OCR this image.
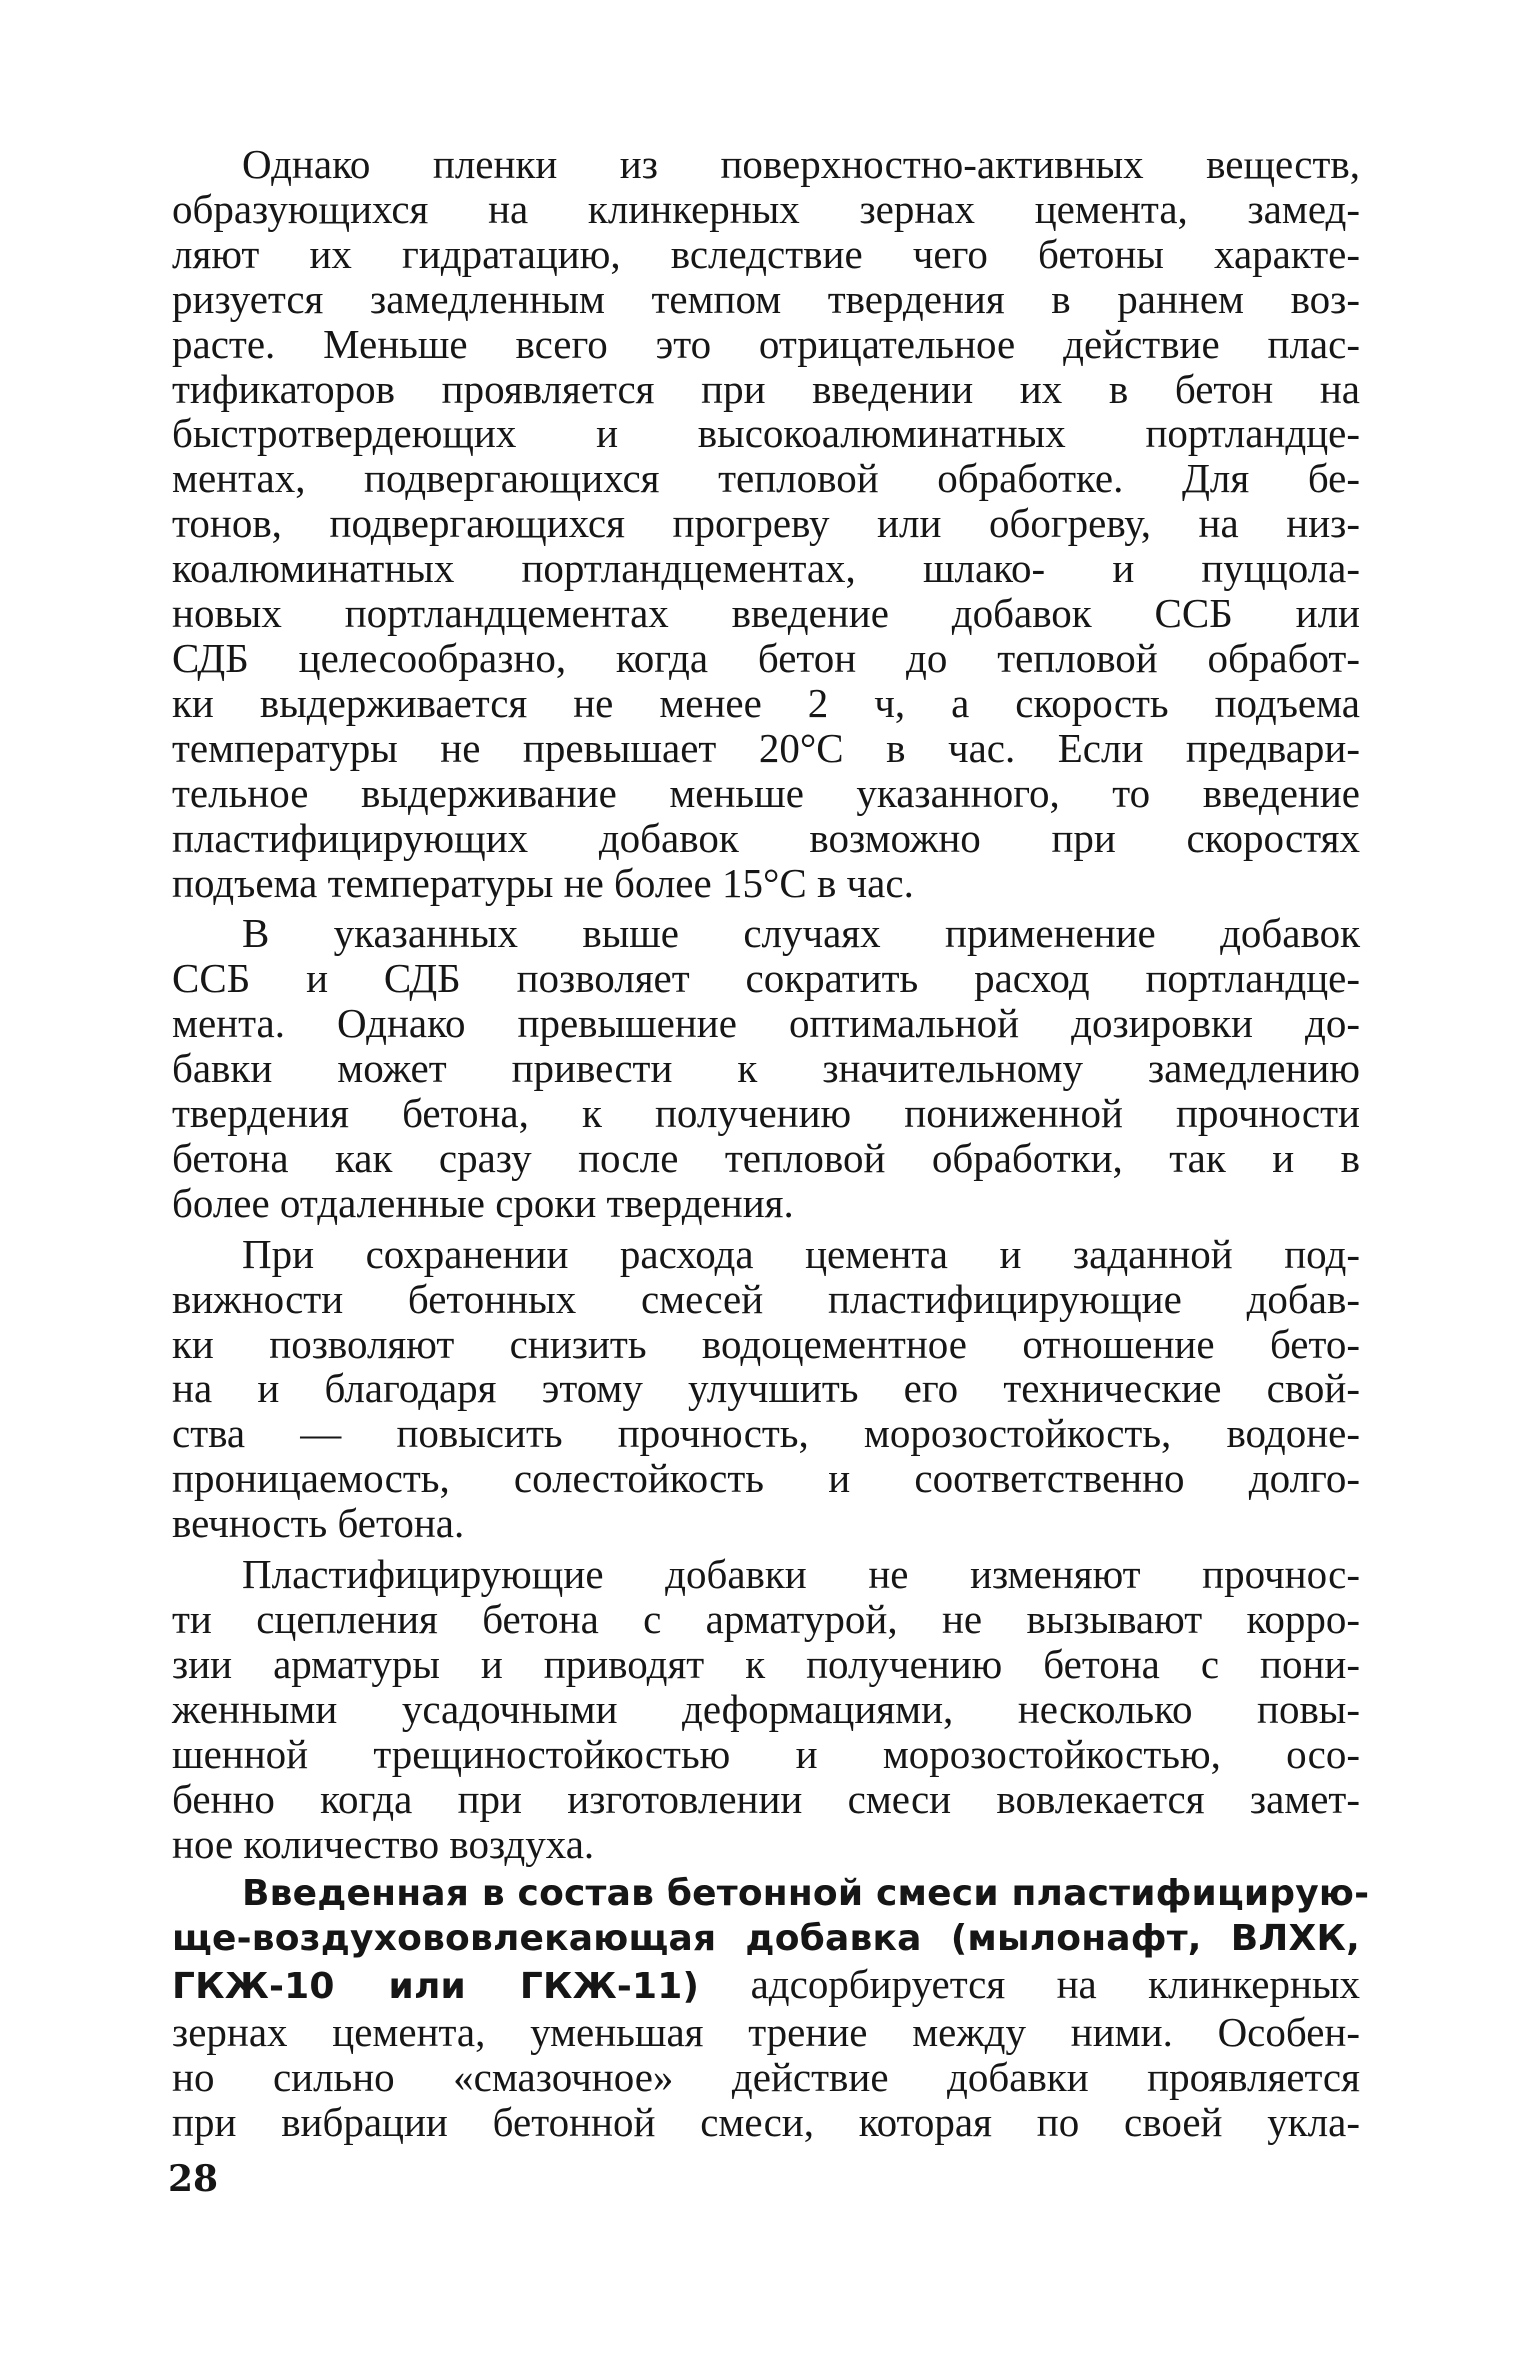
Однако пленки из поверхностно-активных веществ,
образующихся на клинкерных зернах цемента, замед-
ляют их гидратацию, вследствие чего бетоны характе-
ризуется замедленным темпом твердения в раннем воз-
расте. Меньше всего это отрицательное действие плас-
тификаторов проявляется при введении их в бетон на
быстротвердеющих и высокоалюминатных портландце-
ментах, подвергающихся тепловой обработке. Для бе-
тонов, подвергающихся прогреву или обогреву, на низ-
коалюминатных портландцементах, шлако- и пуццола-
новых портландцементах введение добавок ССБ или
СДБ целесообразно, когда бетон до тепловой обработ-
ки выдерживается не менее 2 ч, а скорость подъема
температуры не превышает 20°С в час. Если предвари-
тельное выдерживание меньше указанного, то введение
пластифицирующих добавок возможно при скоростях
подъема температуры не более 15°С в час.

В указанных выше случаях применение добавок
ССБ и СДБ позволяет сократить расход портландце-
мента. Однако превышение оптимальной дозировки до-
бавки может привести к значительному замедлению
твердения бетона, к получению пониженной прочности
бетона как сразу после тепловой обработки, так и в
более отдаленные сроки твердения.

При сохранении расхода цемента и заданной под-
вижности бетонных смесей пластифицирующие добав-
ки позволяют снизить водоцементное отношение бето-
на и благодаря этому улучшить его технические свой-
ства — повысить прочность, морозостойкость, водоне-
проницаемость, солестойкость и соответственно долго-
вечность бетона.

Пластифицирующие добавки не изменяют прочнос-
ти сцепления бетона с арматурой, не вызывают корро-
зии арматуры и приводят к получению бетона с пони-
женными усадочными деформациями, несколько повы-
шенной трещиностойкостью и морозостойкостью, осо-
бенно когда при изготовлении смеси вовлекается замет-
ное количество воздуха.

Введенная в состав бетонной смеси пластифицирую-
ще-воздухововлекающая добавка (мылонафт, ВЛХК,
ГКЖ-10 или ГКЖ-11) адсорбируется на клинкерных
зернах цемента, уменьшая трение между ними. Особен-
но сильно «смазочное» действие добавки проявляется
при вибрации бетонной смеси, которая по своей укла-

28
